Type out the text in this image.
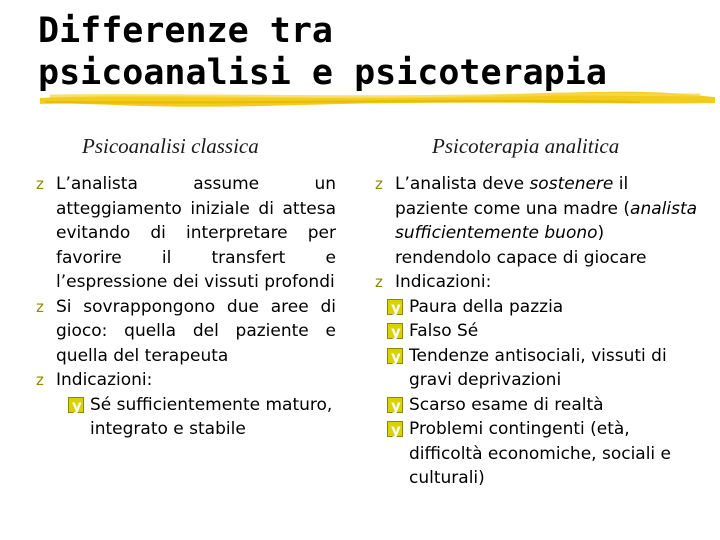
Differenze tra
psicoanalisi e psicoterapia
Psicoanalisi classica	Psicoterapia analitica
z L’analista assume un atteggiamento iniziale di attesa evitando di interpretare per favorire il transfert e l’espressione dei vissuti profondi
z Si sovrappongono due aree di gioco: quella del paziente e quella del terapeuta
z Indicazioni:
y
Sé sufficientemente maturo, integrato e stabile
z L’analista deve sostenere il paziente come una madre (analista sufficientemente buono) rendendolo capace di giocare
z Indicazioni:
y
Paura della pazzia
y
Falso Sé
y
Tendenze antisociali, vissuti di gravi deprivazioni
y
Scarso esame di realtà
y
Problemi contingenti (età, difficoltà economiche, sociali e culturali)
